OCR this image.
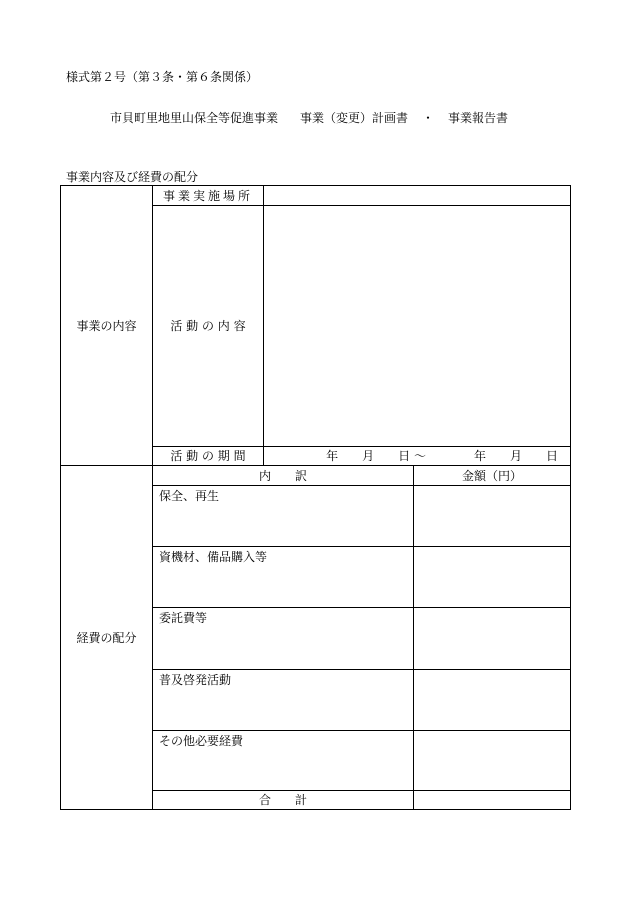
様式第２号（第３条・第６条関係）
市貝町里地里山保全等促進事業 事業（変更）計画書 ・ 事業報告書
事業内容及び経費の配分
事業の内容	事業実施場所		
	活 動 の 内 容		
	活 動 の 期 間	年　　月　　日 ～　　　　年　　月　　日	
経費の配分	内　　訳		金額（円）
	保全、再生		
	資機材、備品購入等		
	委託費等		
	普及啓発活動		
	その他必要経費		
	合　　計		
